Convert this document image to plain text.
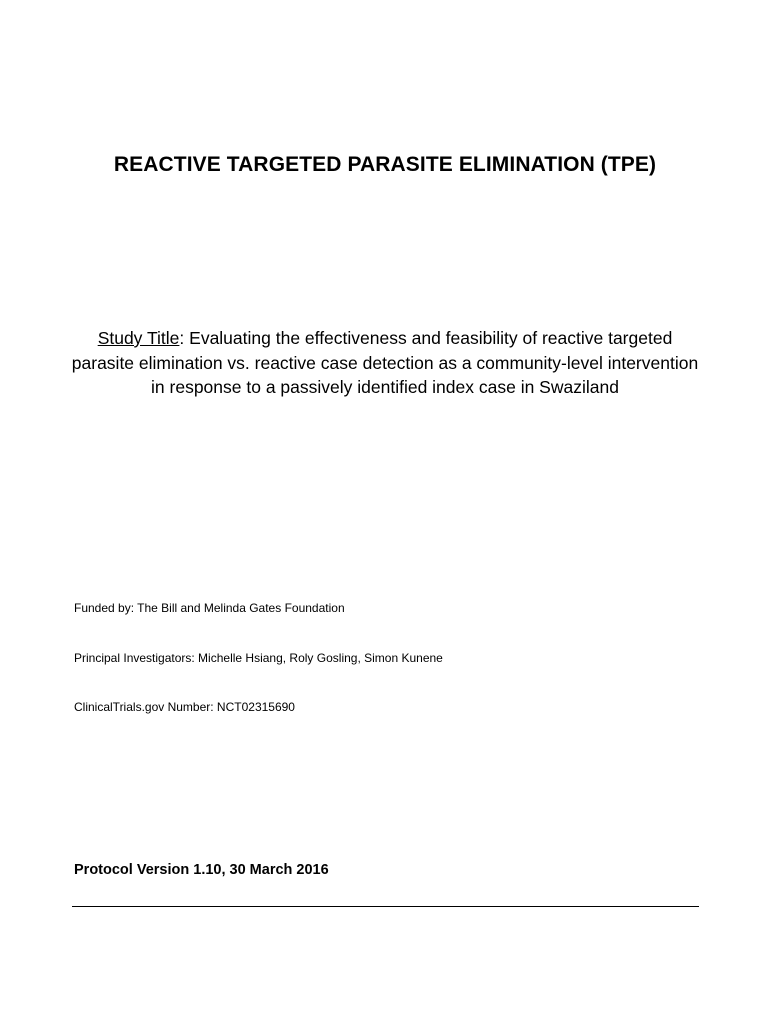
REACTIVE TARGETED PARASITE ELIMINATION (TPE)

Study Title: Evaluating the effectiveness and feasibility of reactive targeted parasite elimination vs. reactive case detection as a community-level intervention in response to a passively identified index case in Swaziland

Funded by: The Bill and Melinda Gates Foundation

Principal Investigators: Michelle Hsiang, Roly Gosling, Simon Kunene

ClinicalTrials.gov Number: NCT02315690

Protocol Version 1.10, 30 March 2016
